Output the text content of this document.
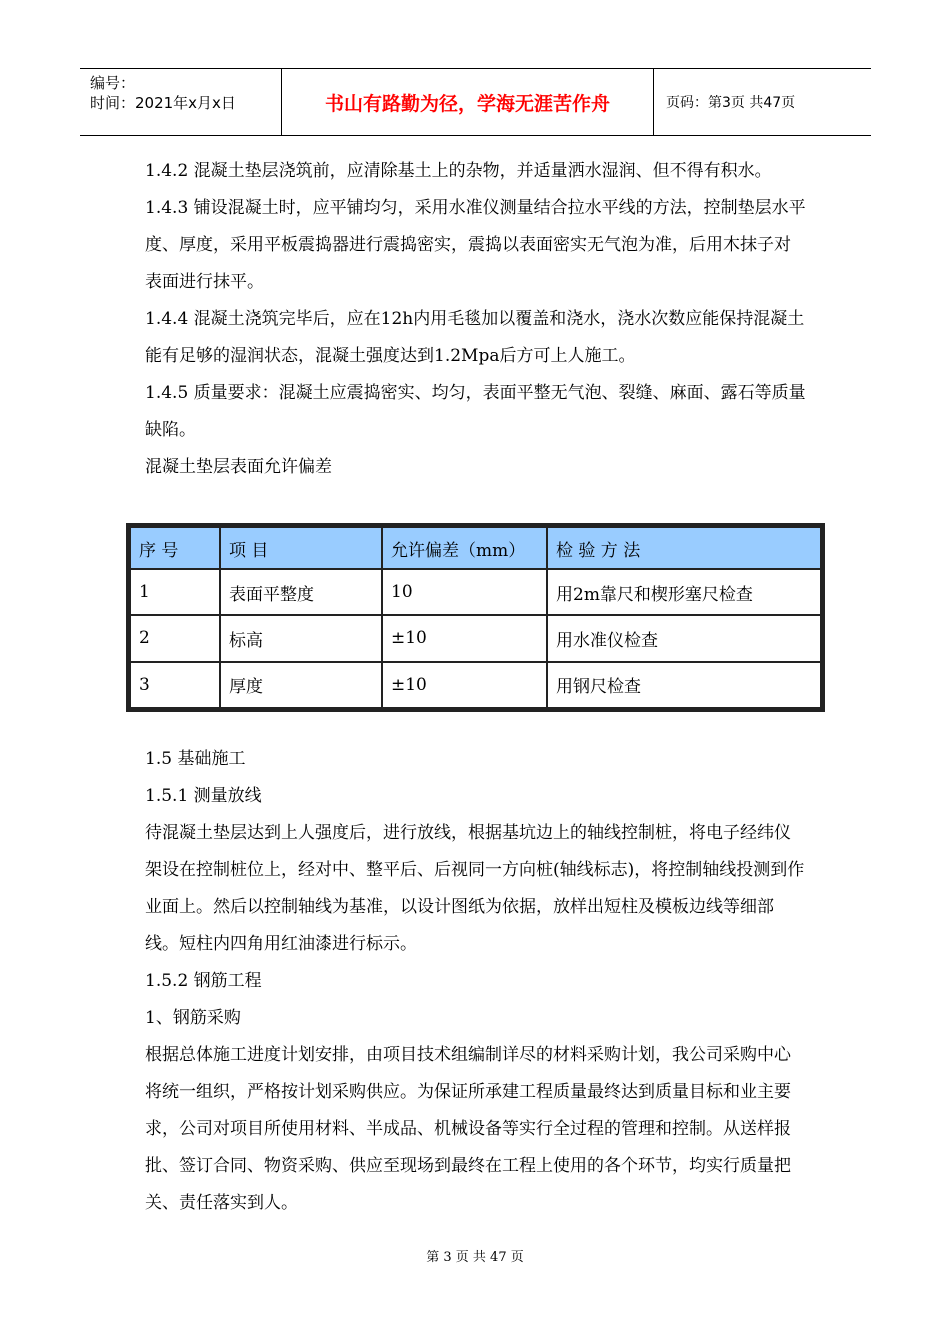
编号：
时间：2021年x月x日	书山有路勤为径，学海无涯苦作舟	页码：第3页 共47页

1.4.2 混凝土垫层浇筑前，应清除基土上的杂物，并适量洒水湿润、但不得有积水。

1.4.3 铺设混凝土时，应平铺均匀，采用水准仪测量结合拉水平线的方法，控制垫层水平度、厚度，采用平板震捣器进行震捣密实，震捣以表面密实无气泡为准，后用木抹子对表面进行抹平。

1.4.4 混凝土浇筑完毕后，应在12h内用毛毯加以覆盖和浇水，浇水次数应能保持混凝土能有足够的湿润状态，混凝土强度达到1.2Mpa后方可上人施工。

1.4.5 质量要求：混凝土应震捣密实、均匀，表面平整无气泡、裂缝、麻面、露石等质量缺陷。

混凝土垫层表面允许偏差

序 号	项 目	允许偏差（mm）	检 验 方 法
1	表面平整度	10	用2m靠尺和楔形塞尺检查
2	标高	±10	用水准仪检查
3	厚度	±10	用钢尺检查

1.5 基础施工

1.5.1 测量放线

待混凝土垫层达到上人强度后，进行放线，根据基坑边上的轴线控制桩，将电子经纬仪架设在控制桩位上，经对中、整平后、后视同一方向桩(轴线标志)，将控制轴线投测到作业面上。然后以控制轴线为基准，以设计图纸为依据，放样出短柱及模板边线等细部线。短柱内四角用红油漆进行标示。

1.5.2 钢筋工程

1、钢筋采购

根据总体施工进度计划安排，由项目技术组编制详尽的材料采购计划，我公司采购中心将统一组织，严格按计划采购供应。为保证所承建工程质量最终达到质量目标和业主要求，公司对项目所使用材料、半成品、机械设备等实行全过程的管理和控制。从送样报批、签订合同、物资采购、供应至现场到最终在工程上使用的各个环节，均实行质量把关、责任落实到人。

第 3 页 共 47 页
